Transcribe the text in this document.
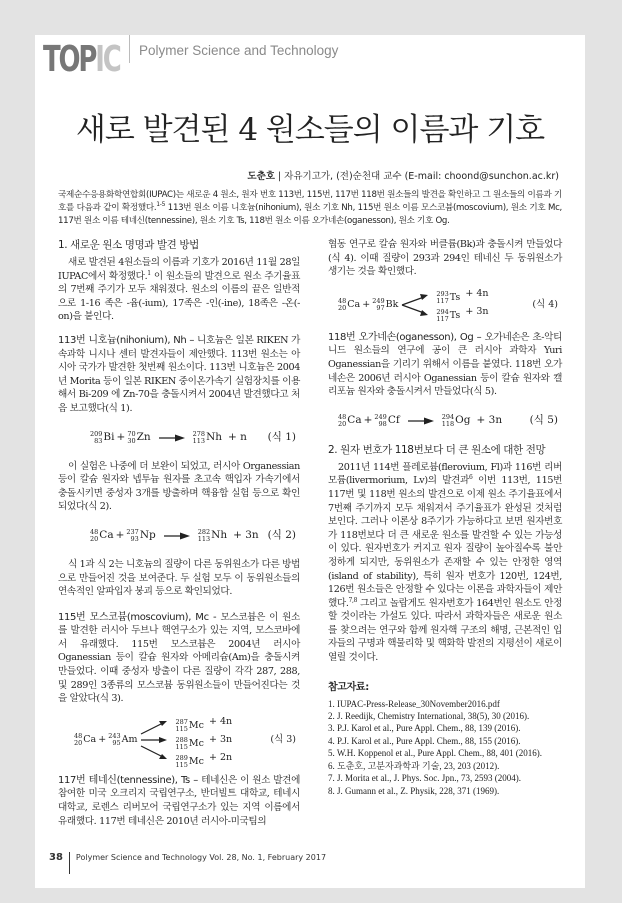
TOPIC Polymer Science and Technology
새로 발견된 4 원소들의 이름과 기호
도춘호 | 자유기고가, (전)순천대 교수 (E-mail: choond@sunchon.ac.kr)
국제순수응용화학연합회(IUPAC)는 새로운 4 원소, 원자 번호 113번, 115번, 117번 118번 원소들의 발견을 확인하고 그 원소들의 이름과 기호를 다음과 같이 확정했다.$^{1-5}$ 113번 원소 이름 니호늄(nihonium), 원소 기호 Nh, 115번 원소 이름 모스코븀(moscovium), 원소 기호 Mc, 117번 원소 이름 테네신(tennessine), 원소 기호 Ts, 118번 원소 이름 오가네손(oganesson), 원소 기호 Og.
1. 새로운 원소 명명과 발견 방법

새로 발견된 4원소들의 이름과 기호가 2016년 11월 28일 IUPAC에서 확정했다.$^1$ 이 원소들의 발견으로 원소 주기율표의 7번째 주기가 모두 채워졌다. 원소의 이름의 끝은 일반적으로 1-16 족은 -윰(-ium), 17족은 -인(-ine), 18족은 -온(-on)을 붙인다.

113번 니호늄(nihonium), Nh – 니호늄은 일본 RIKEN 가속과학 니시나 센터 발견자들이 제안했다. 113번 원소는 아시아 국가가 발견한 첫번째 원소이다. 113번 니호늄은 2004년 Morita 등이 일본 RIKEN 중이온가속기 실험장치를 이용해서 Bi-209 에 Zn-70을 충돌시켜서 2004년 발견했다고 처음 보고했다(식 1).

209
83 Bi + 70
30 Zn → 278
113 Nh + n	(식 1)

이 실험은 나중에 더 보완이 되었고, 러시아 Organessian 등이 칼슘 원자와 넵투늄 원자를 초고속 핵입자 가속기에서 충돌시키면 중성자 3개를 방출하며 핵융합 실험 등으로 확인되었다(식 2).

48
20 Ca + 237
93 Np → 282
113 Nh + 3n (식 2)

식 1과 식 2는 니호늄의 질량이 다른 동위원소가 다른 방법으로 만들어진 것을 보여준다. 두 실험 모두 이 동위원소들의 연속적인 알파입자 붕괴 등으로 확인되었다.

115번 모스코븀(moscovium), Mc - 모스코븀은 이 원소를 발견한 러시아 두브나 핵연구소가 있는 지역, 모스코바에서 유래했다. 115번 모스코븀은 2004년 러시아 Oganessian 등이 칼슘 원자와 아메리슘(Am)을 충돌시켜 만들었다. 이때 중성자 방출이 다른 질량이 각각 287, 288, 및 289인 3종류의 모스코븀 동위원소들이 만들어진다는 것을 알았다(식 3).

48
20 Ca + 243
95 Am
287
115 Mc + 4n
288
115 Mc + 3n
289
115 Mc + 2n
(식 3)

117번 테네신(tennessine), Ts – 테네신은 이 원소 발견에 참여한 미국 오크리지 국립연구소, 반더빌트 대학교, 테네시 대학교, 로렌스 리버모어 국립연구소가 있는 지역 이름에서 유래했다. 117번 테네신은 2010년 러시아-미국팀의

협동 연구로 칼슘 원자와 버클륨(Bk)과 충돌시켜 만들었다(식 4). 이때 질량이 293과 294인 테네신 두 동위원소가 생기는 것을 확인했다.

48
20 Ca + 249
97 Bk
293
117 Ts + 4n
294
117 Ts + 3n
(식 4)

118번 오가네손(oganesson), Og – 오가네손은 초-악티니드 원소들의 연구에 공이 큰 러시아 과학자 Yuri Oganessian을 기리기 위해서 이름을 붙였다. 118번 오가네손은 2006년 러시아 Oganessian 등이 칼슘 원자와 캘리포늄 원자와 충돌시켜서 만들었다(식 5).

48
20 Ca + 249
98 Cf → 294
118 Og + 3n	(식 5)
2. 원자 번호가 118번보다 더 큰 원소에 대한 전망

2011년 114번 플레로븀(flerovium, Fl)과 116번 리버모륨(livermorium, Lv)의 발견과$^6$ 이번 113번, 115번 117번 및 118번 원소의 발견으로 이제 원소 주기율표에서 7번째 주기까지 모두 채워져서 주기율표가 완성된 것처럼 보인다. 그러나 이론상 8주기가 가능하다고 보면 원자번호가 118번보다 더 큰 새로운 원소를 발견할 수 있는 가능성이 있다. 원자번호가 커지고 원자 질량이 높아질수록 불안정하게 되지만, 동위원소가 존재할 수 있는 안정한 영역(island of stability), 특히 원자 번호가 120번, 124번, 126번 원소들은 안정할 수 있다는 이론을 과학자들이 제안했다.$^{7,8}$ 그리고 놀랍게도 원자번호가 164번인 원소도 안정할 것이라는 가설도 있다. 따라서 과학자들은 새로운 원소를 찾으려는 연구와 함께 원자핵 구조의 해명, 근본적인 입자들의 구명과 핵물리학 및 핵화학 발전의 지평선이 새로이 열릴 것이다.

참고자료:
1. IUPAC-Press-Release_30November2016.pdf
2. J. Reedijk, Chemistry International, 38(5), 30 (2016).
3. P.J. Karol et al., Pure Appl. Chem., 88, 139 (2016).
4. P.J. Karol et al., Pure Appl. Chem., 88, 155 (2016).
5. W.H. Koppenol et al., Pure Appl. Chem., 88, 401 (2016).
6. 도춘호, 고분자과학과 기술, 23, 203 (2012).
7. J. Morita et al., J. Phys. Soc. Jpn., 73, 2593 (2004).
8. J. Gumann et al., Z. Physik, 228, 371 (1969).
38 Polymer Science and Technology Vol. 28, No. 1, February 2017
